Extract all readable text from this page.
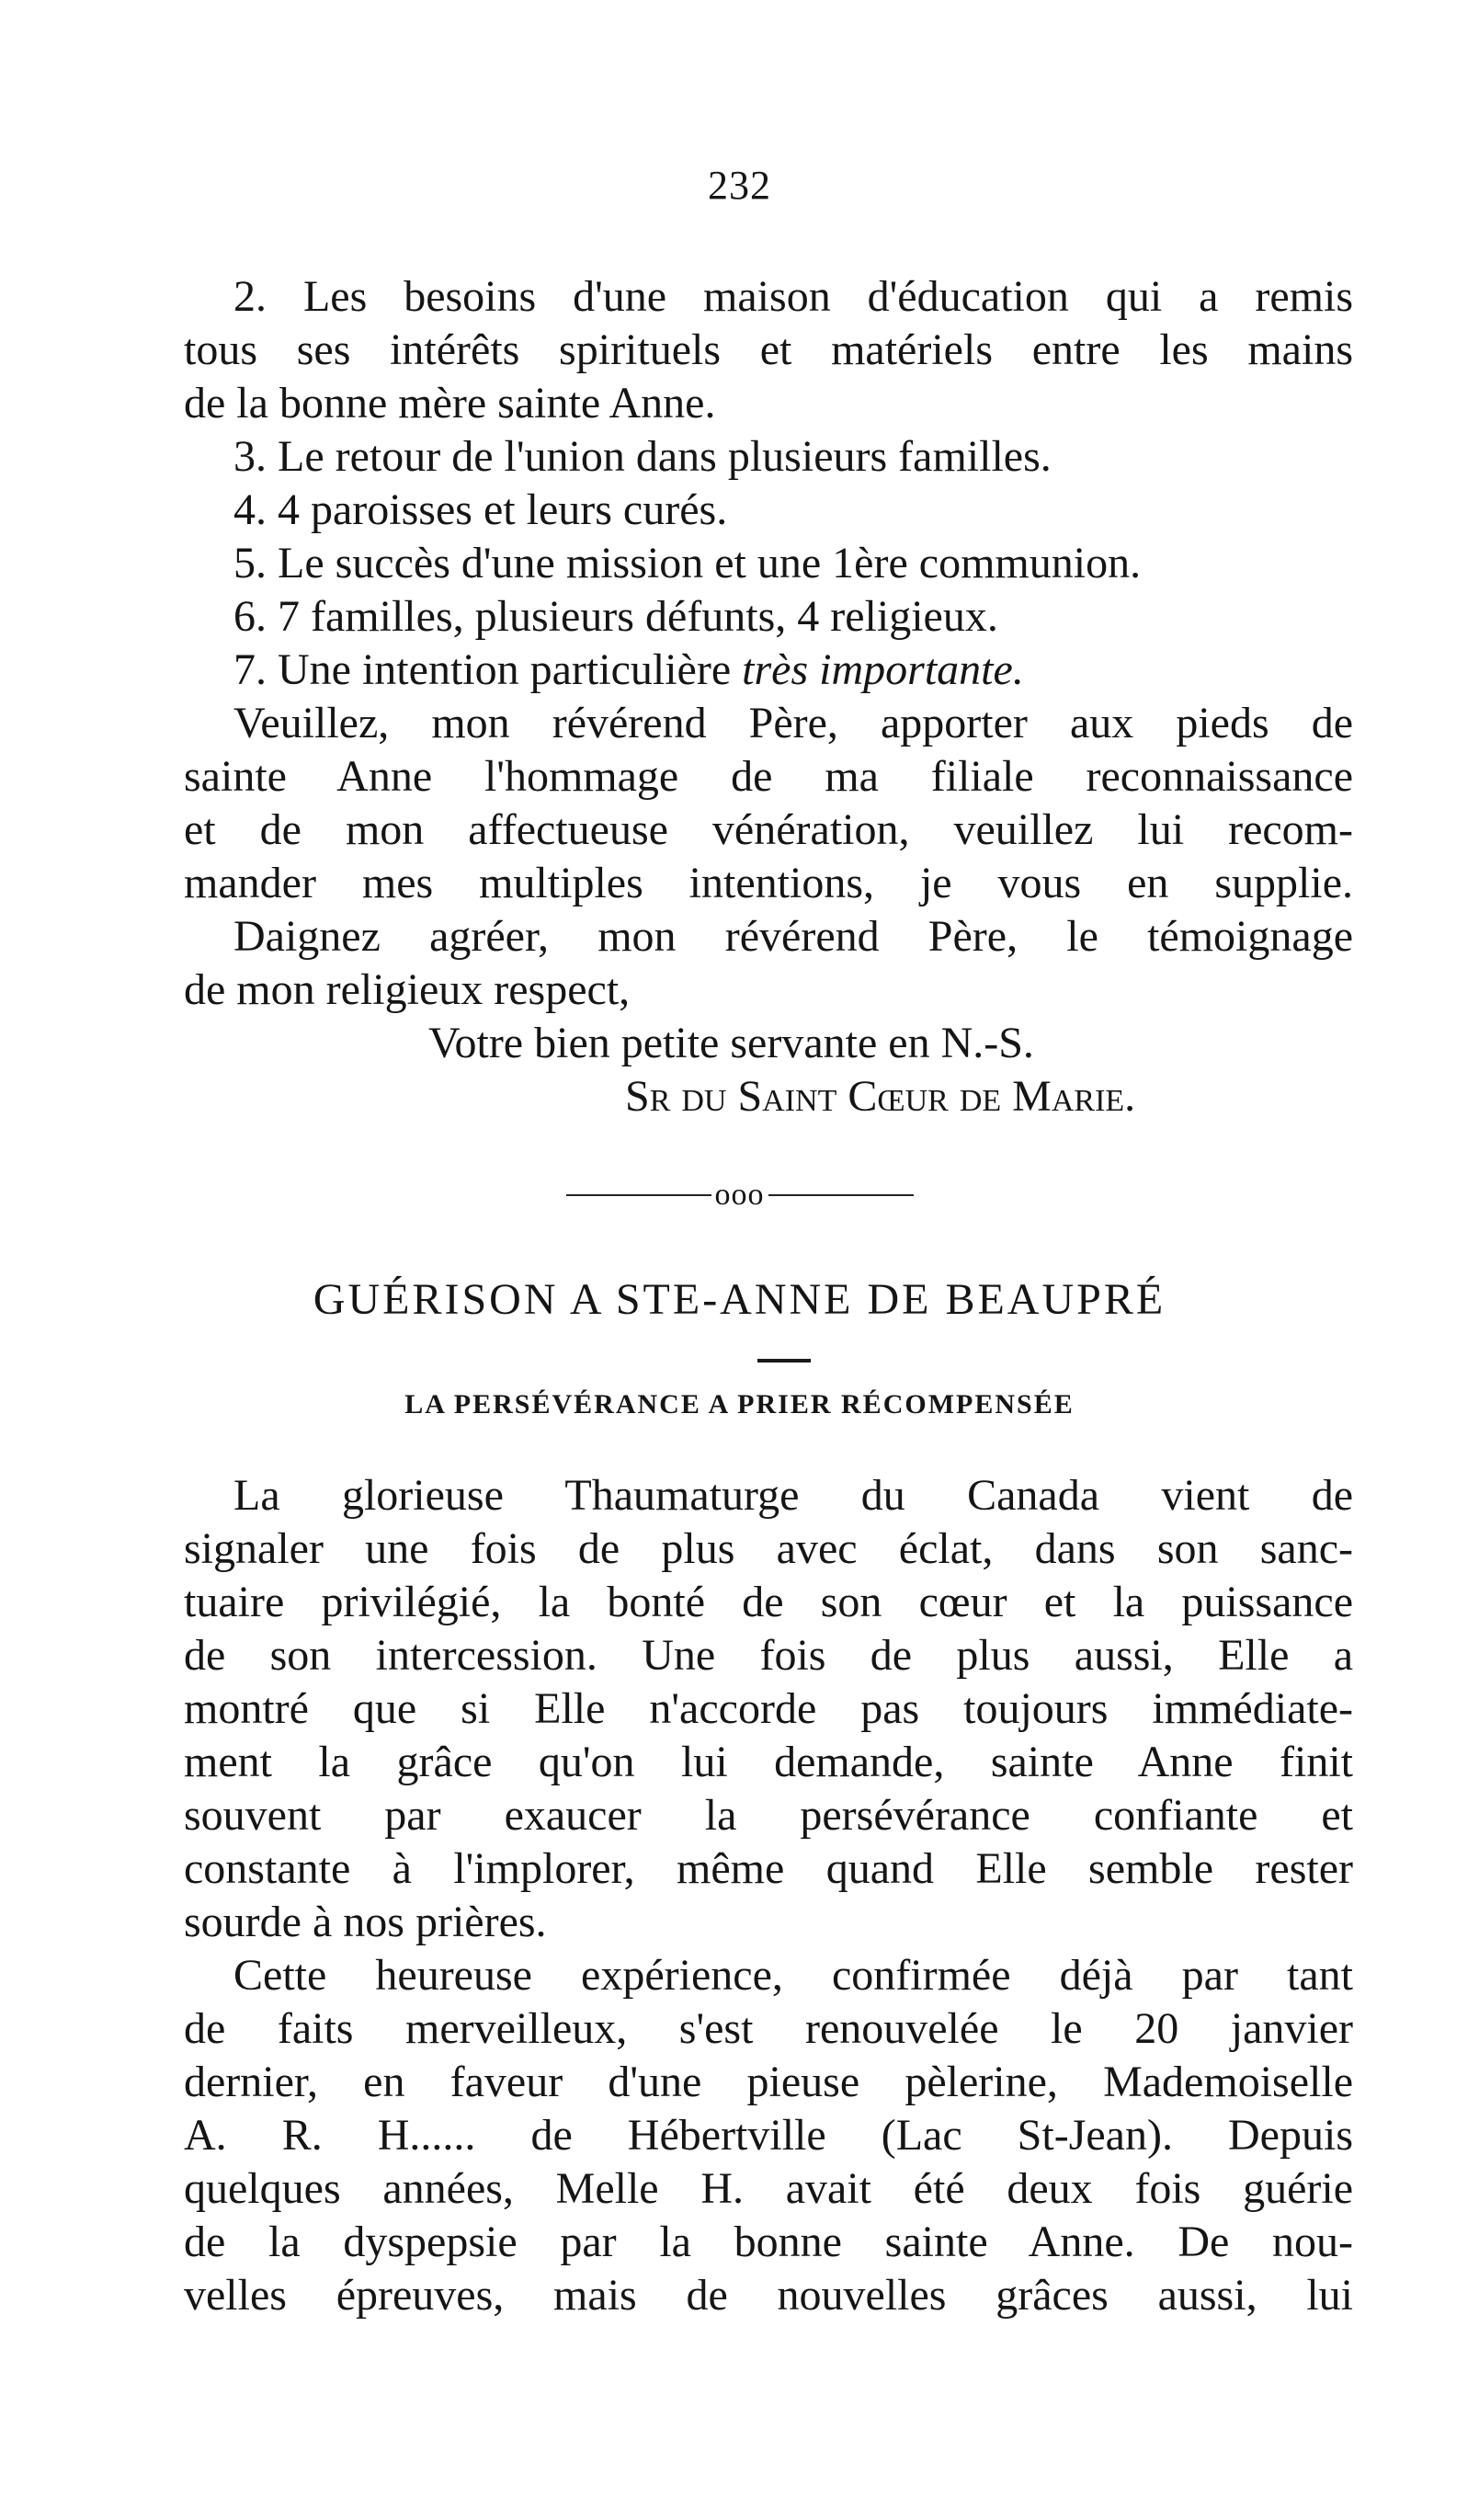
232
2. Les besoins d'une maison d'éducation qui a remis
tous ses intérêts spirituels et matériels entre les mains
de la bonne mère sainte Anne.
3. Le retour de l'union dans plusieurs familles.
4. 4 paroisses et leurs curés.
5. Le succès d'une mission et une 1ère communion.
6. 7 familles, plusieurs défunts, 4 religieux.
7. Une intention particulière très importante.
Veuillez, mon révérend Père, apporter aux pieds de
sainte Anne l'hommage de ma filiale reconnaissance
et de mon affectueuse vénération, veuillez lui recom-
mander mes multiples intentions, je vous en supplie.
Daignez agréer, mon révérend Père, le témoignage
de mon religieux respect,
Votre bien petite servante en N.-S.
Sr du Saint Cœur de Marie.
ooo
GUÉRISON A STE-ANNE DE BEAUPRÉ
LA PERSÉVÉRANCE A PRIER RÉCOMPENSÉE
La glorieuse Thaumaturge du Canada vient de
signaler une fois de plus avec éclat, dans son sanc-
tuaire privilégié, la bonté de son cœur et la puissance
de son intercession. Une fois de plus aussi, Elle a
montré que si Elle n'accorde pas toujours immédiate-
ment la grâce qu'on lui demande, sainte Anne finit
souvent par exaucer la persévérance confiante et
constante à l'implorer, même quand Elle semble rester
sourde à nos prières.
Cette heureuse expérience, confirmée déjà par tant
de faits merveilleux, s'est renouvelée le 20 janvier
dernier, en faveur d'une pieuse pèlerine, Mademoiselle
A. R. H...... de Hébertville (Lac St-Jean). Depuis
quelques années, Melle H. avait été deux fois guérie
de la dyspepsie par la bonne sainte Anne. De nou-
velles épreuves, mais de nouvelles grâces aussi, lui
